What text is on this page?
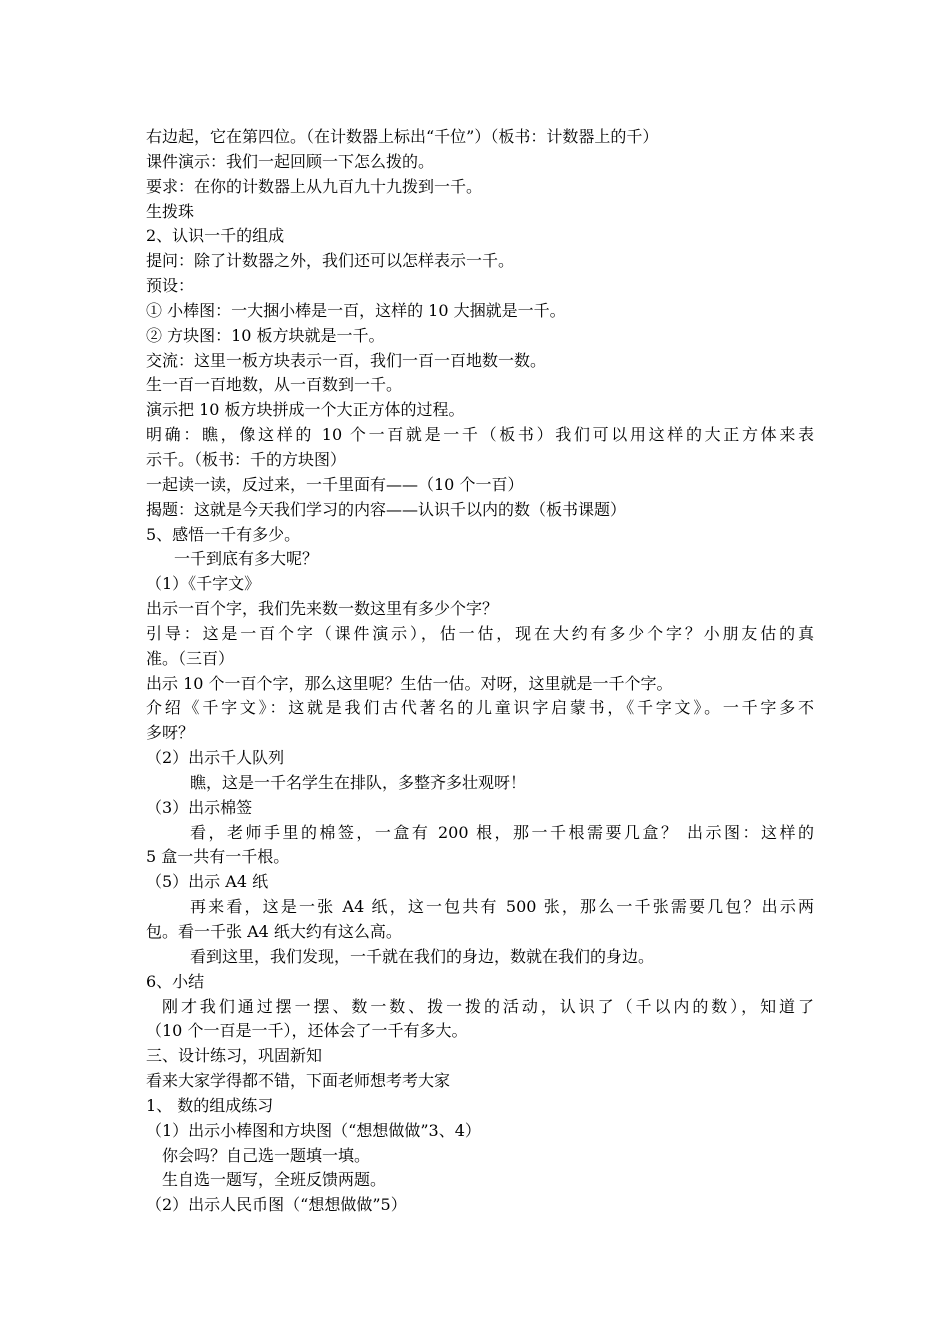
右边起，它在第四位。（在计数器上标出“千位”）（板书：计数器上的千）
课件演示：我们一起回顾一下怎么拨的。
要求：在你的计数器上从九百九十九拨到一千。
生拨珠
2、认识一千的组成
提问：除了计数器之外，我们还可以怎样表示一千。
预设：
① 小棒图：一大捆小棒是一百，这样的 10 大捆就是一千。
② 方块图：10 板方块就是一千。
交流：这里一板方块表示一百，我们一百一百地数一数。
生一百一百地数，从一百数到一千。
演示把 10 板方块拼成一个大正方体的过程。
明确：瞧，像这样的 10 个一百就是一千（板书）我们可以用这样的大正方体来表
示千。（板书：千的方块图）
一起读一读，反过来，一千里面有——（10 个一百）
揭题：这就是今天我们学习的内容——认识千以内的数（板书课题）
5、感悟一千有多少。
一千到底有多大呢？
（1）《千字文》
出示一百个字，我们先来数一数这里有多少个字？
引导：这是一百个字（课件演示），估一估，现在大约有多少个字？小朋友估的真
准。（三百）
出示 10 个一百个字，那么这里呢？生估一估。对呀，这里就是一千个字。
介绍《千字文》：这就是我们古代著名的儿童识字启蒙书，《千字文》。一千字多不
多呀？
（2）出示千人队列
瞧，这是一千名学生在排队，多整齐多壮观呀！
（3）出示棉签
看，老师手里的棉签，一盒有 200 根，那一千根需要几盒？ 出示图：这样的
5 盒一共有一千根。
（5）出示 A4 纸
再来看，这是一张 A4 纸，这一包共有 500 张，那么一千张需要几包？出示两
包。看一千张 A4 纸大约有这么高。
看到这里，我们发现，一千就在我们的身边，数就在我们的身边。
6、小结
刚才我们通过摆一摆、数一数、拨一拨的活动，认识了（千以内的数），知道了
（10 个一百是一千），还体会了一千有多大。
三、设计练习，巩固新知
看来大家学得都不错，下面老师想考考大家
1、 数的组成练习
（1）出示小棒图和方块图（“想想做做”3、4）
你会吗？自己选一题填一填。
生自选一题写，全班反馈两题。
（2）出示人民币图（“想想做做”5）
